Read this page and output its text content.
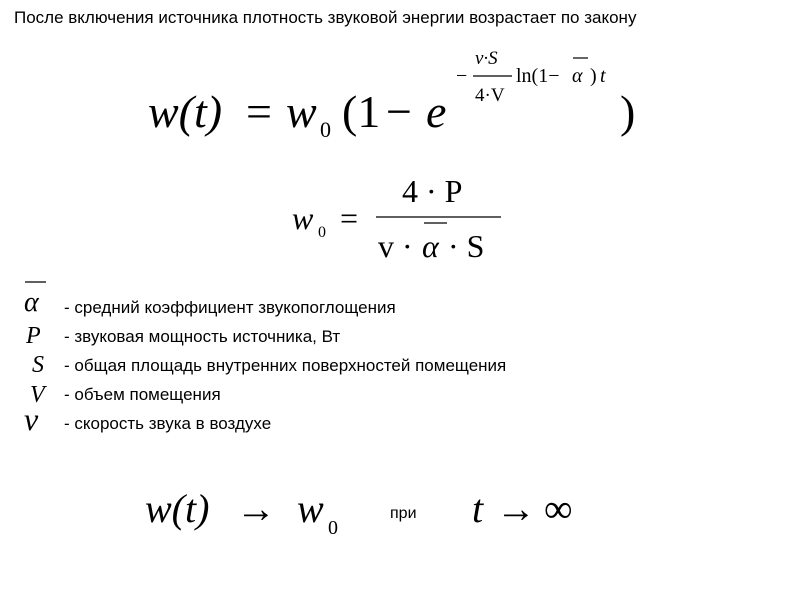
После включения источника плотность звуковой энергии возрастает по закону
w(t) = w 0 (1 − e
−
v·S
4·V
ln(1− α ) t
)
w 0 =
4 · P
v · α · S
α - средний коэффициент звукопоглощения
P - звуковая мощность источника, Вт
S - общая площадь внутренних поверхностей помещения
V - объем помещения
v - скорость звука в воздухе
w(t) → w 0	t → ∞
при
